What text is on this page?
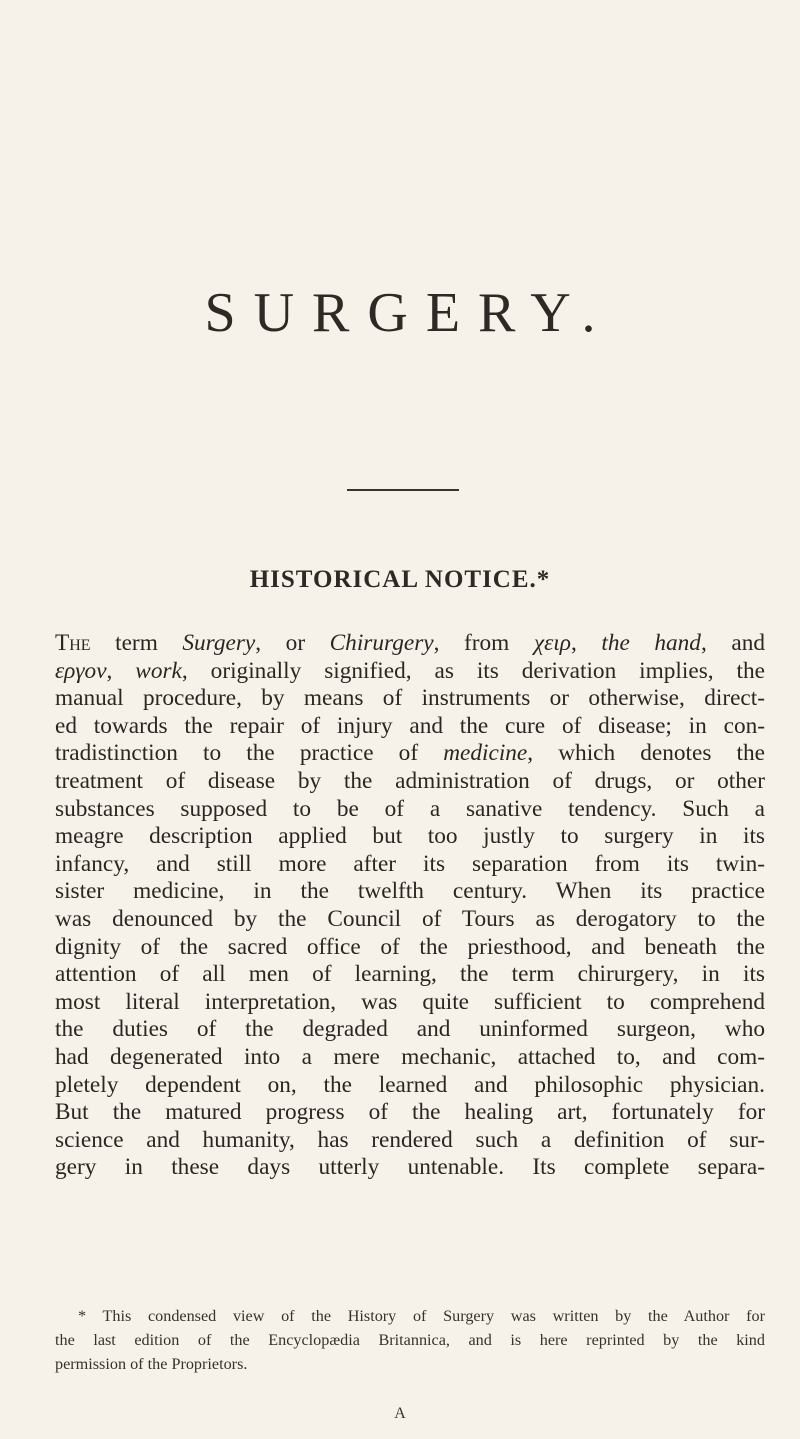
SURGERY.
HISTORICAL NOTICE.*

The term Surgery, or Chirurgery, from χειρ, the hand, and
εργον, work, originally signified, as its derivation implies, the
manual procedure, by means of instruments or otherwise, direct-
ed towards the repair of injury and the cure of disease; in con-
tradistinction to the practice of medicine, which denotes the
treatment of disease by the administration of drugs, or other
substances supposed to be of a sanative tendency. Such a
meagre description applied but too justly to surgery in its
infancy, and still more after its separation from its twin-
sister medicine, in the twelfth century. When its practice
was denounced by the Council of Tours as derogatory to the
dignity of the sacred office of the priesthood, and beneath the
attention of all men of learning, the term chirurgery, in its
most literal interpretation, was quite sufficient to comprehend
the duties of the degraded and uninformed surgeon, who
had degenerated into a mere mechanic, attached to, and com-
pletely dependent on, the learned and philosophic physician.
But the matured progress of the healing art, fortunately for
science and humanity, has rendered such a definition of sur-
gery in these days utterly untenable. Its complete separa-

* This condensed view of the History of Surgery was written by the Author for
the last edition of the Encyclopædia Britannica, and is here reprinted by the kind
permission of the Proprietors.
A
